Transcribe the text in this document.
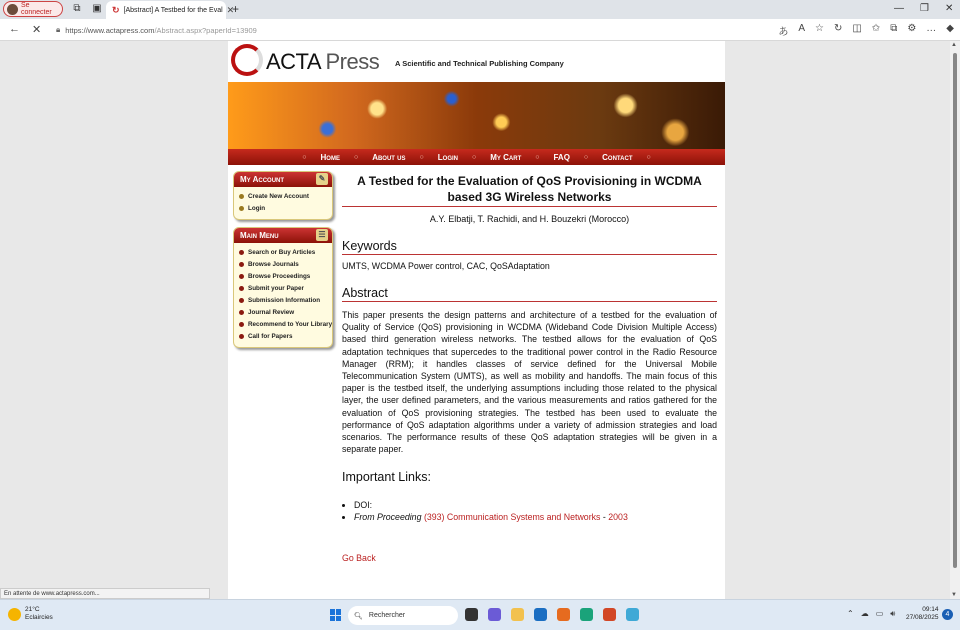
Se connecter	⧉ ▣ ↻ [Abstract] A Testbed for the Eval ✕
+	— ❐ ✕
← ✕ 🔒︎ https://www.actapress.com/Abstract.aspx?paperId=13909	あ A ☆ ↻ ◫ ✩ ⧉ ⚙ … ◆
▲
▼
ACTA Press A Scientific and Technical Publishing Company
○ Home ○ About us ○ Login ○ My Cart ○ FAQ ○ Contact ○
My Account	✎
Create New Account
Login
Main Menu	☰
Search or Buy Articles
Browse Journals
Browse Proceedings
Submit your Paper
Submission Information
Journal Review
Recommend to Your Library
Call for Papers
A Testbed for the Evaluation of QoS Provisioning in WCDMA based 3G Wireless Networks
A.Y. Elbatji, T. Rachidi, and H. Bouzekri (Morocco)
Keywords
UMTS, WCDMA Power control, CAC, QoSAdaptation
Abstract
This paper presents the design patterns and architecture of a testbed for the evaluation of Quality of Service (QoS) provisioning in WCDMA (Wideband Code Division Multiple Access) based third generation wireless networks. The testbed allows for the evaluation of QoS adaptation techniques that supercedes to the traditional power control in the Radio Resource Manager (RRM); it handles classes of service defined for the Universal Mobile Telecommunication System (UMTS), as well as mobility and handoffs. The main focus of this paper is the testbed itself, the underlying assumptions including those related to the physical layer, the user defined parameters, and the various measurements and ratios gathered for the evaluation of QoS provisioning strategies. The testbed has been used to evaluate the performance of QoS adaptation algorithms under a variety of admission strategies and load scenarios. The performance results of these QoS adaptation strategies will be given in a separate paper.
Important Links:
• DOI:
• From Proceeding (393) Communication Systems and Networks - 2003
Go Back
En attente de www.actapress.com...
21°C
Eclaircies	🔍︎ Rechercher	⌃ ☁ ▭ 🔊︎	09:14
27/08/2025	4
